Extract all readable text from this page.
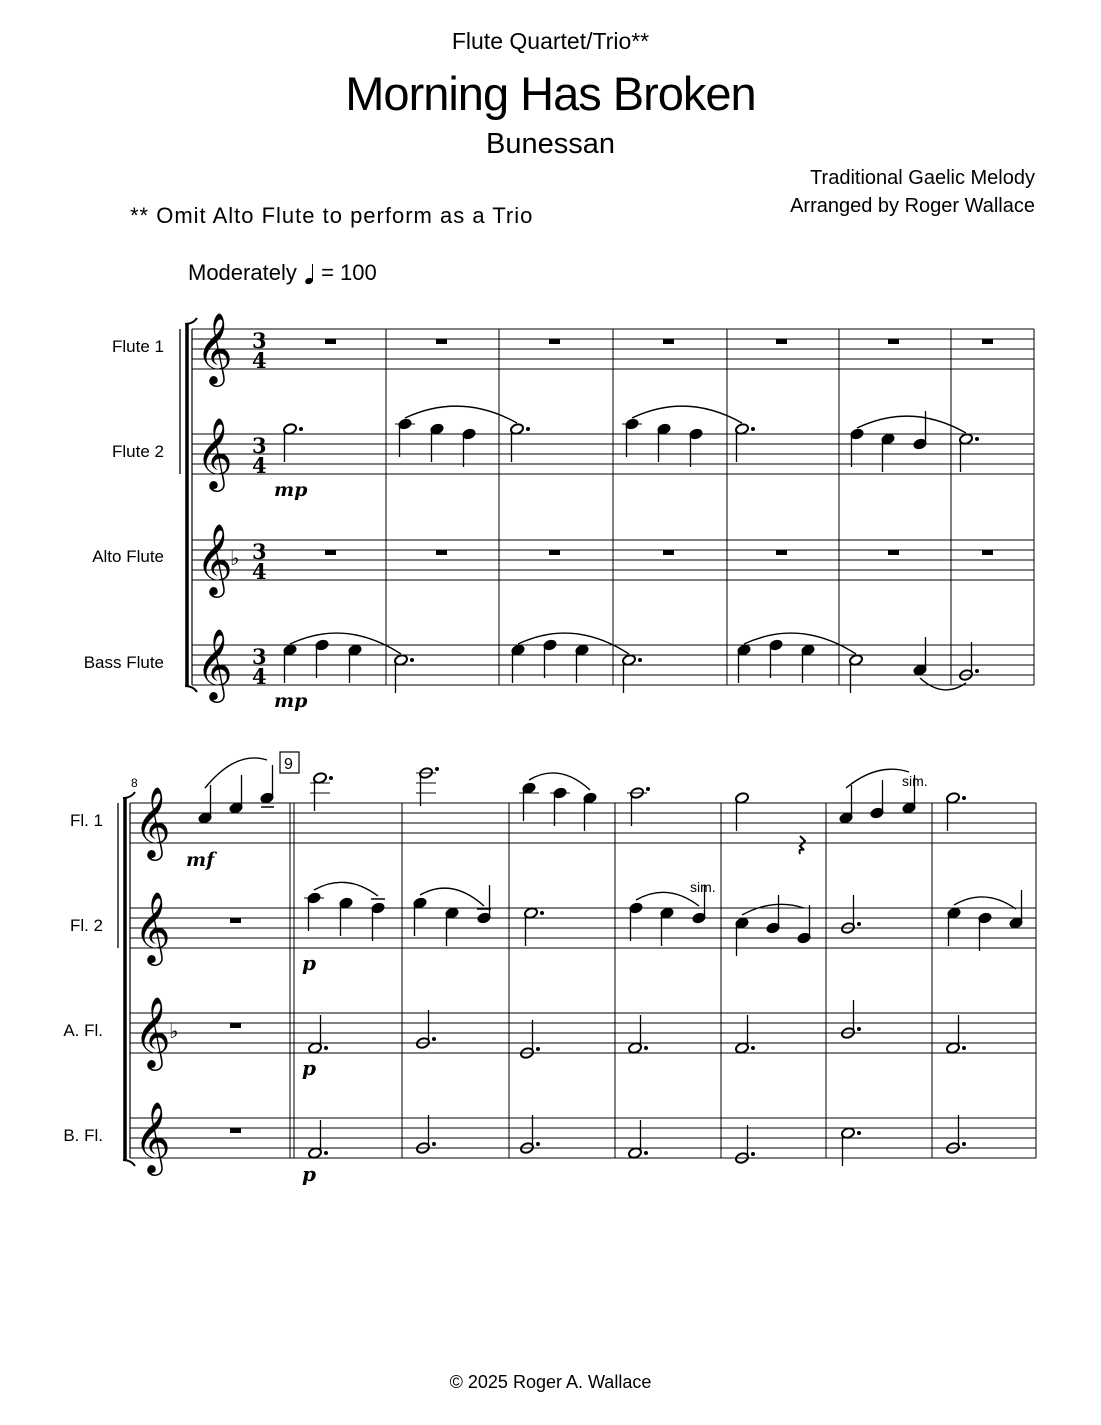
Flute Quartet/Trio**
Morning Has Broken
Bunessan
Traditional Gaelic Melody
Arranged by Roger Wallace
** Omit Alto Flute to perform as a Trio
Moderately = 100
Flute 1
Flute 2
Alto Flute
Bass Flute
Fl. 1
Fl. 2
A. Fl.
B. Fl.
𝄞 3
4
𝄞 3
4
𝄞 3
4
𝄞 3
4
♭
𝄞
𝄞
𝄞
𝄞
♭
mp
mp
8
9
mf
p
p
p
sim.
sim.
© 2025 Roger A. Wallace
